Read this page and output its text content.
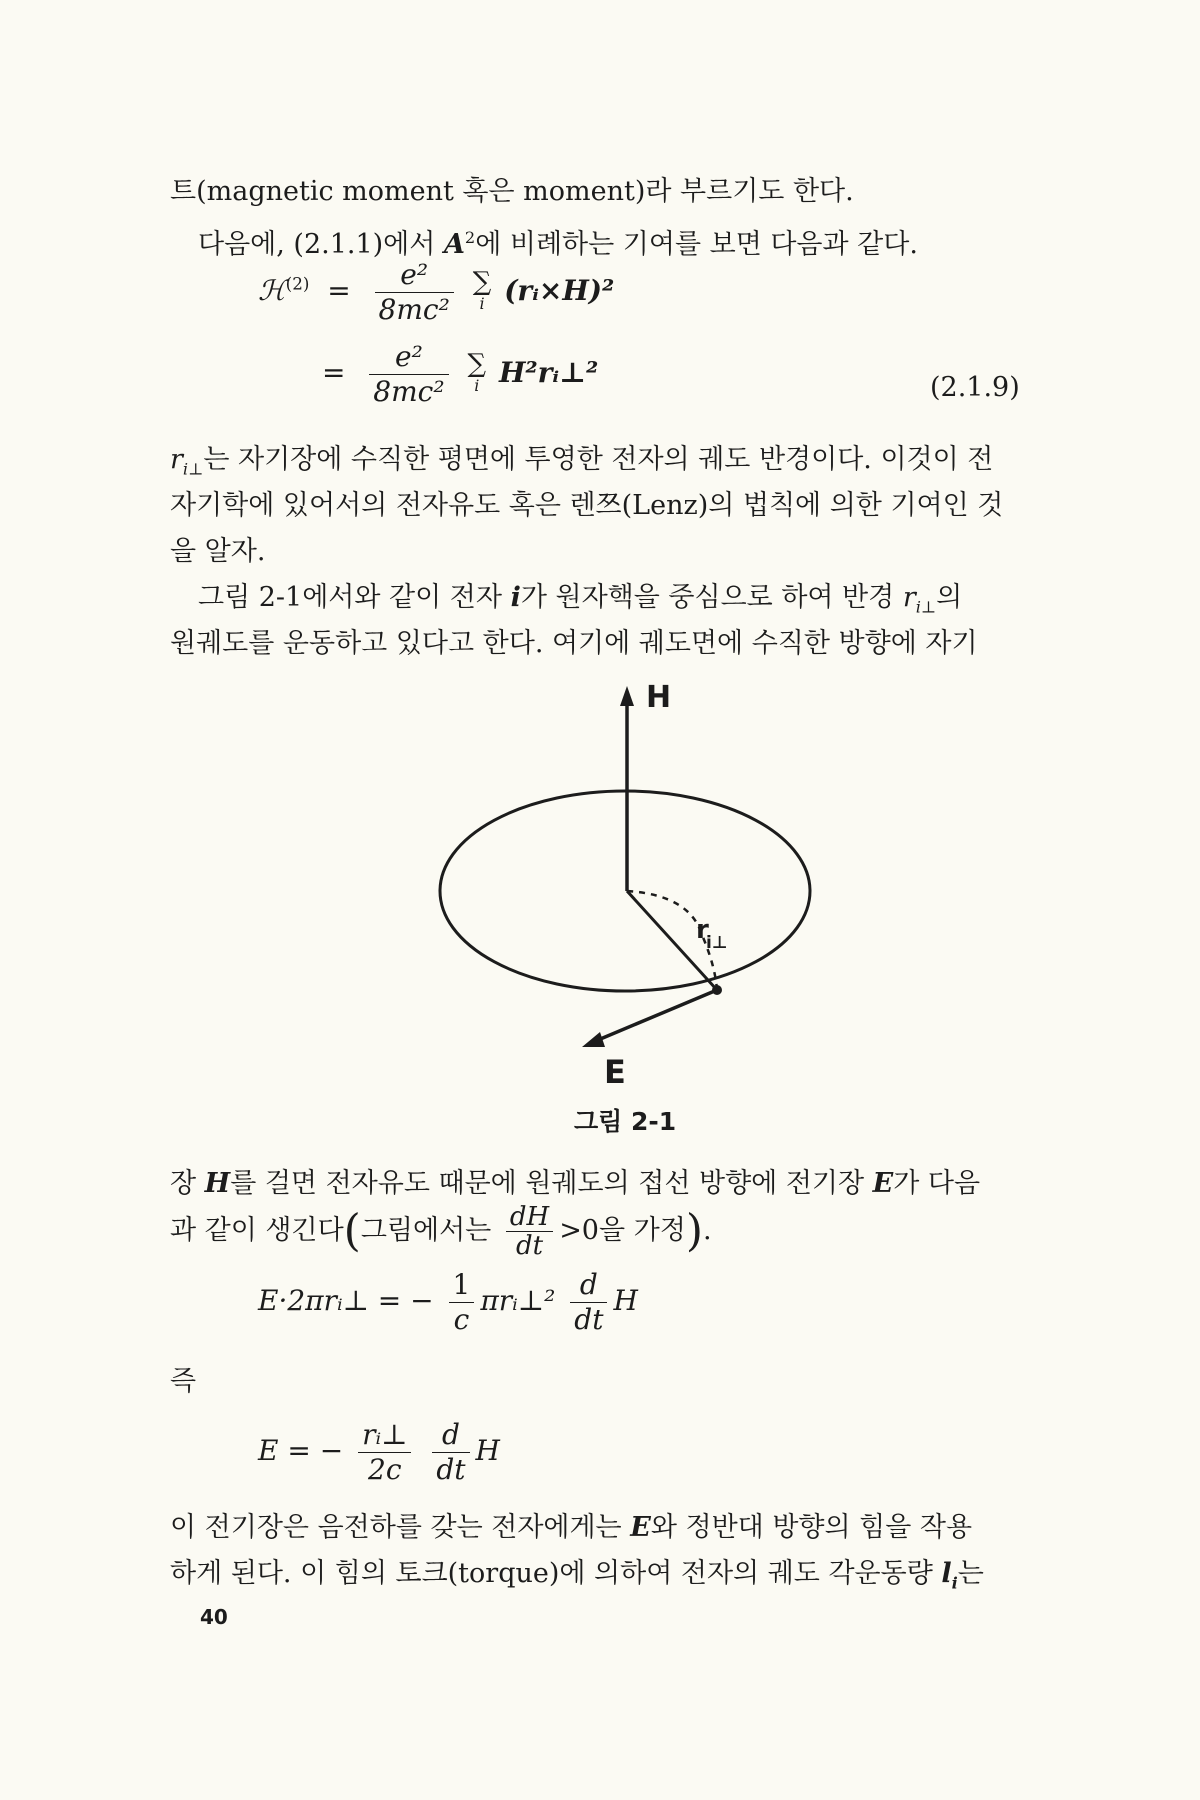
트(magnetic moment 혹은 moment)라 부르기도 한다.

다음에, (2.1.1)에서 $A^2$에 비례하는 기여를 보면 다음과 같다.

ℋ$^{(2)}$  = $\frac{\text{e²}}{\text{8mc²}}$
∑
i (rᵢ×H)²
= $\frac{\text{e²}}{\text{8mc²}}$
∑
i H²rᵢ⊥²	(2.1.9)

$r_{i\perp}$는 자기장에 수직한 평면에 투영한 전자의 궤도 반경이다. 이것이 전

자기학에 있어서의 전자유도 혹은 렌쯔(Lenz)의 법칙에 의한 기여인 것

을 알자.

그림 2-1에서와 같이 전자 i가 원자핵을 중심으로 하여 반경 $r_{i\perp}$의

원궤도를 운동하고 있다고 한다. 여기에 궤도면에 수직한 방향에 자기

H
r
i⊥
E
그림 2-1

장 H를 걸면 전자유도 때문에 원궤도의 접선 방향에 전기장 E가 다음

과 같이 생긴다(그림에서는 $\frac{dH}{dt} >0$을 가정).

E·2πrᵢ⊥ = − $\frac{1}{c}$ πrᵢ⊥² $\frac{d}{dt}$ H

즉

E = − $\frac{\text{rᵢ⊥}}{2c}$
$\frac{d}{dt}$ H

이 전기장은 음전하를 갖는 전자에게는 E와 정반대 방향의 힘을 작용

하게 된다. 이 힘의 토크(torque)에 의하여 전자의 궤도 각운동량 $l_i$는

40
